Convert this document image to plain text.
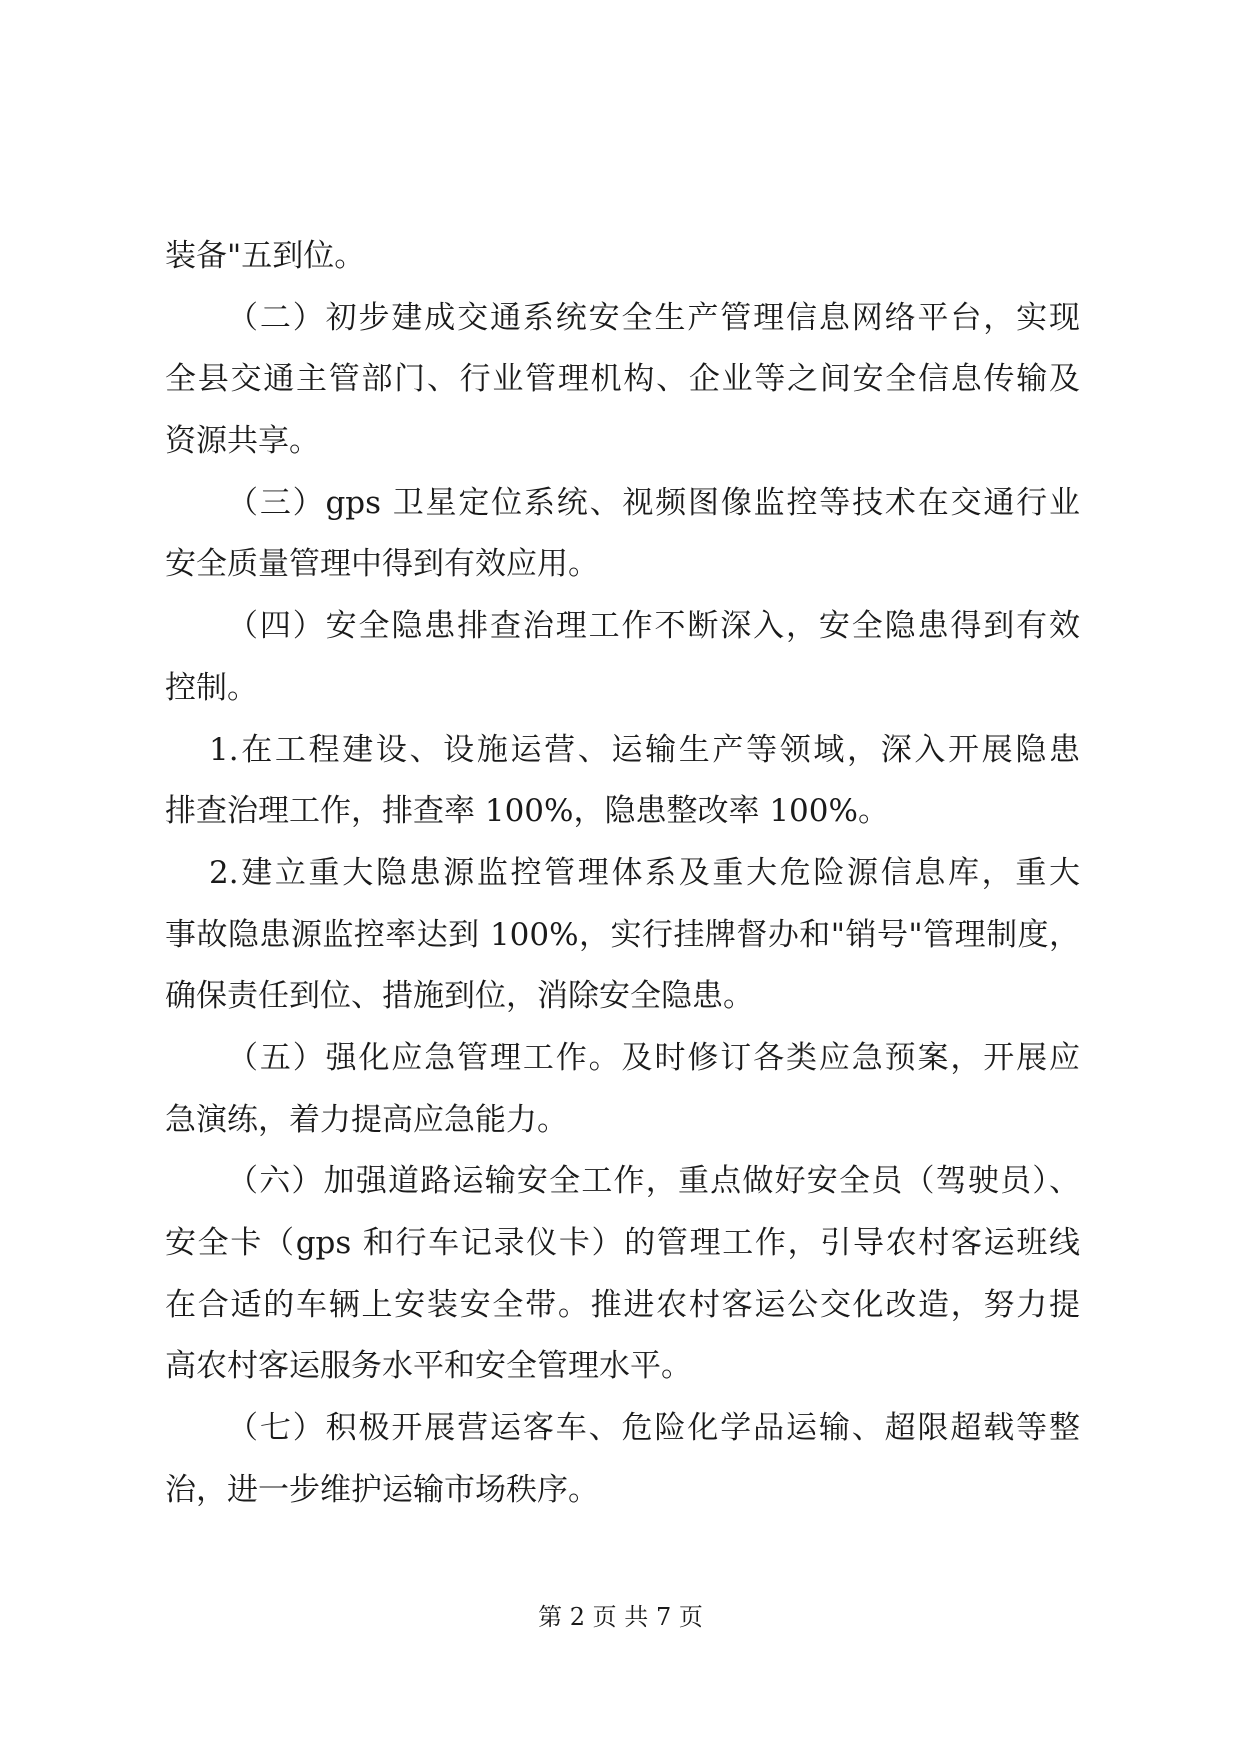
装备"五到位。
（二）初步建成交通系统安全生产管理信息网络平台，实现
全县交通主管部门、行业管理机构、企业等之间安全信息传输及
资源共享。
（三）gps 卫星定位系统、视频图像监控等技术在交通行业
安全质量管理中得到有效应用。
（四）安全隐患排查治理工作不断深入，安全隐患得到有效
控制。
1.在工程建设、设施运营、运输生产等领域，深入开展隐患
排查治理工作，排查率 100%，隐患整改率 100%。
2.建立重大隐患源监控管理体系及重大危险源信息库，重大
事故隐患源监控率达到 100%，实行挂牌督办和"销号"管理制度，
确保责任到位、措施到位，消除安全隐患。
（五）强化应急管理工作。及时修订各类应急预案，开展应
急演练，着力提高应急能力。
（六）加强道路运输安全工作，重点做好安全员（驾驶员）、
安全卡（gps 和行车记录仪卡）的管理工作，引导农村客运班线
在合适的车辆上安装安全带。推进农村客运公交化改造，努力提
高农村客运服务水平和安全管理水平。
（七）积极开展营运客车、危险化学品运输、超限超载等整
治，进一步维护运输市场秩序。
第 2 页 共 7 页
